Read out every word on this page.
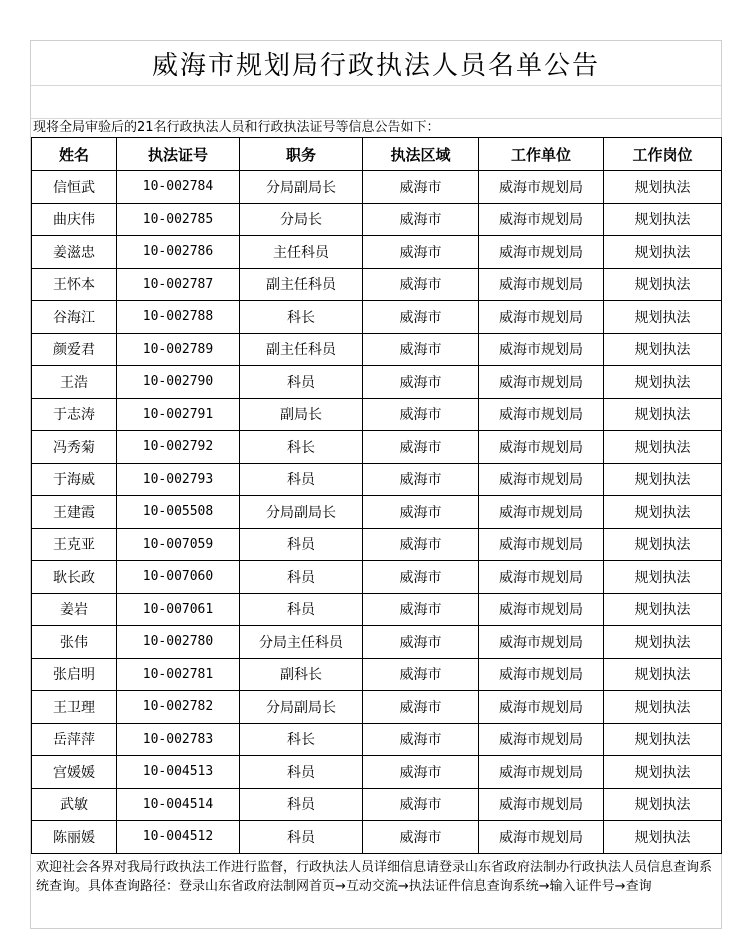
威海市规划局行政执法人员名单公告
现将全局审验后的21名行政执法人员和行政执法证号等信息公告如下：
姓名	执法证号	职务	执法区域	工作单位	工作岗位
信恒武	10-002784	分局副局长	威海市	威海市规划局	规划执法
曲庆伟	10-002785	分局长	威海市	威海市规划局	规划执法
姜滋忠	10-002786	主任科员	威海市	威海市规划局	规划执法
王怀本	10-002787	副主任科员	威海市	威海市规划局	规划执法
谷海江	10-002788	科长	威海市	威海市规划局	规划执法
颜爱君	10-002789	副主任科员	威海市	威海市规划局	规划执法
王浩	10-002790	科员	威海市	威海市规划局	规划执法
于志涛	10-002791	副局长	威海市	威海市规划局	规划执法
冯秀菊	10-002792	科长	威海市	威海市规划局	规划执法
于海威	10-002793	科员	威海市	威海市规划局	规划执法
王建霞	10-005508	分局副局长	威海市	威海市规划局	规划执法
王克亚	10-007059	科员	威海市	威海市规划局	规划执法
耿长政	10-007060	科员	威海市	威海市规划局	规划执法
姜岩	10-007061	科员	威海市	威海市规划局	规划执法
张伟	10-002780	分局主任科员	威海市	威海市规划局	规划执法
张启明	10-002781	副科长	威海市	威海市规划局	规划执法
王卫理	10-002782	分局副局长	威海市	威海市规划局	规划执法
岳萍萍	10-002783	科长	威海市	威海市规划局	规划执法
宫媛媛	10-004513	科员	威海市	威海市规划局	规划执法
武敏	10-004514	科员	威海市	威海市规划局	规划执法
陈丽媛	10-004512	科员	威海市	威海市规划局	规划执法
欢迎社会各界对我局行政执法工作进行监督，行政执法人员详细信息请登录山东省政府法制办行政执法人员信息查询系统查询。具体查询路径：登录山东省政府法制网首页→互动交流→执法证件信息查询系统→输入证件号→查询
